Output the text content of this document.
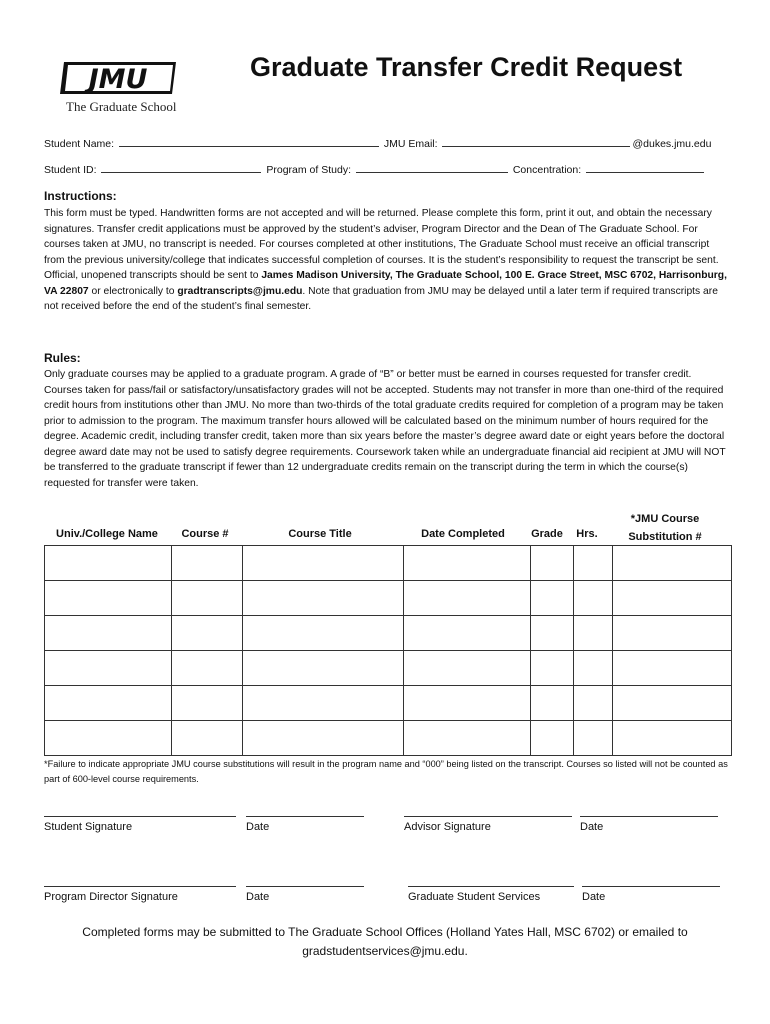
JMU
The Graduate School
Graduate Transfer Credit Request
Student Name:	JMU Email:	@dukes.jmu.edu
Student ID:	Program of Study:	Concentration:
Instructions:
This form must be typed. Handwritten forms are not accepted and will be returned. Please complete this form, print it out, and obtain the necessary signatures. Transfer credit applications must be approved by the student’s adviser, Program Director and the Dean of The Graduate School. For courses taken at JMU, no transcript is needed. For courses completed at other institutions, The Graduate School must receive an official transcript from the previous university/college that indicates successful completion of courses. It is the student’s responsibility to request the transcript be sent. Official, unopened transcripts should be sent to James Madison University, The Graduate School, 100 E. Grace Street, MSC 6702, Harrisonburg, VA 22807 or electronically to gradtranscripts@jmu.edu. Note that graduation from JMU may be delayed until a later term if required transcripts are not received before the end of the student’s final semester.
Rules:
Only graduate courses may be applied to a graduate program. A grade of “B” or better must be earned in courses requested for transfer credit. Courses taken for pass/fail or satisfactory/unsatisfactory grades will not be accepted. Students may not transfer in more than one-third of the required credit hours from institutions other than JMU. No more than two-thirds of the total graduate credits required for completion of a program may be taken prior to admission to the program. The maximum transfer hours allowed will be calculated based on the minimum number of hours required for the degree. Academic credit, including transfer credit, taken more than six years before the master’s degree award date or eight years before the doctoral degree award date may not be used to satisfy degree requirements. Coursework taken while an undergraduate financial aid recipient at JMU will NOT be transferred to the graduate transcript if fewer than 12 undergraduate credits remain on the transcript during the term in which the course(s) requested for transfer were taken.
Univ./College Name	Course #	Course Title	Date Completed	Grade	Hrs.
*JMU Course
Substitution #

*Failure to indicate appropriate JMU course substitutions will result in the program name and “000” being listed on the transcript. Courses so listed will not be counted as part of 600-level course requirements.
Student Signature	Date	Advisor Signature	Date
Program Director Signature	Date	Graduate Student Services	Date
Completed forms may be submitted to The Graduate School Offices (Holland Yates Hall, MSC 6702) or emailed to gradstudentservices@jmu.edu.
